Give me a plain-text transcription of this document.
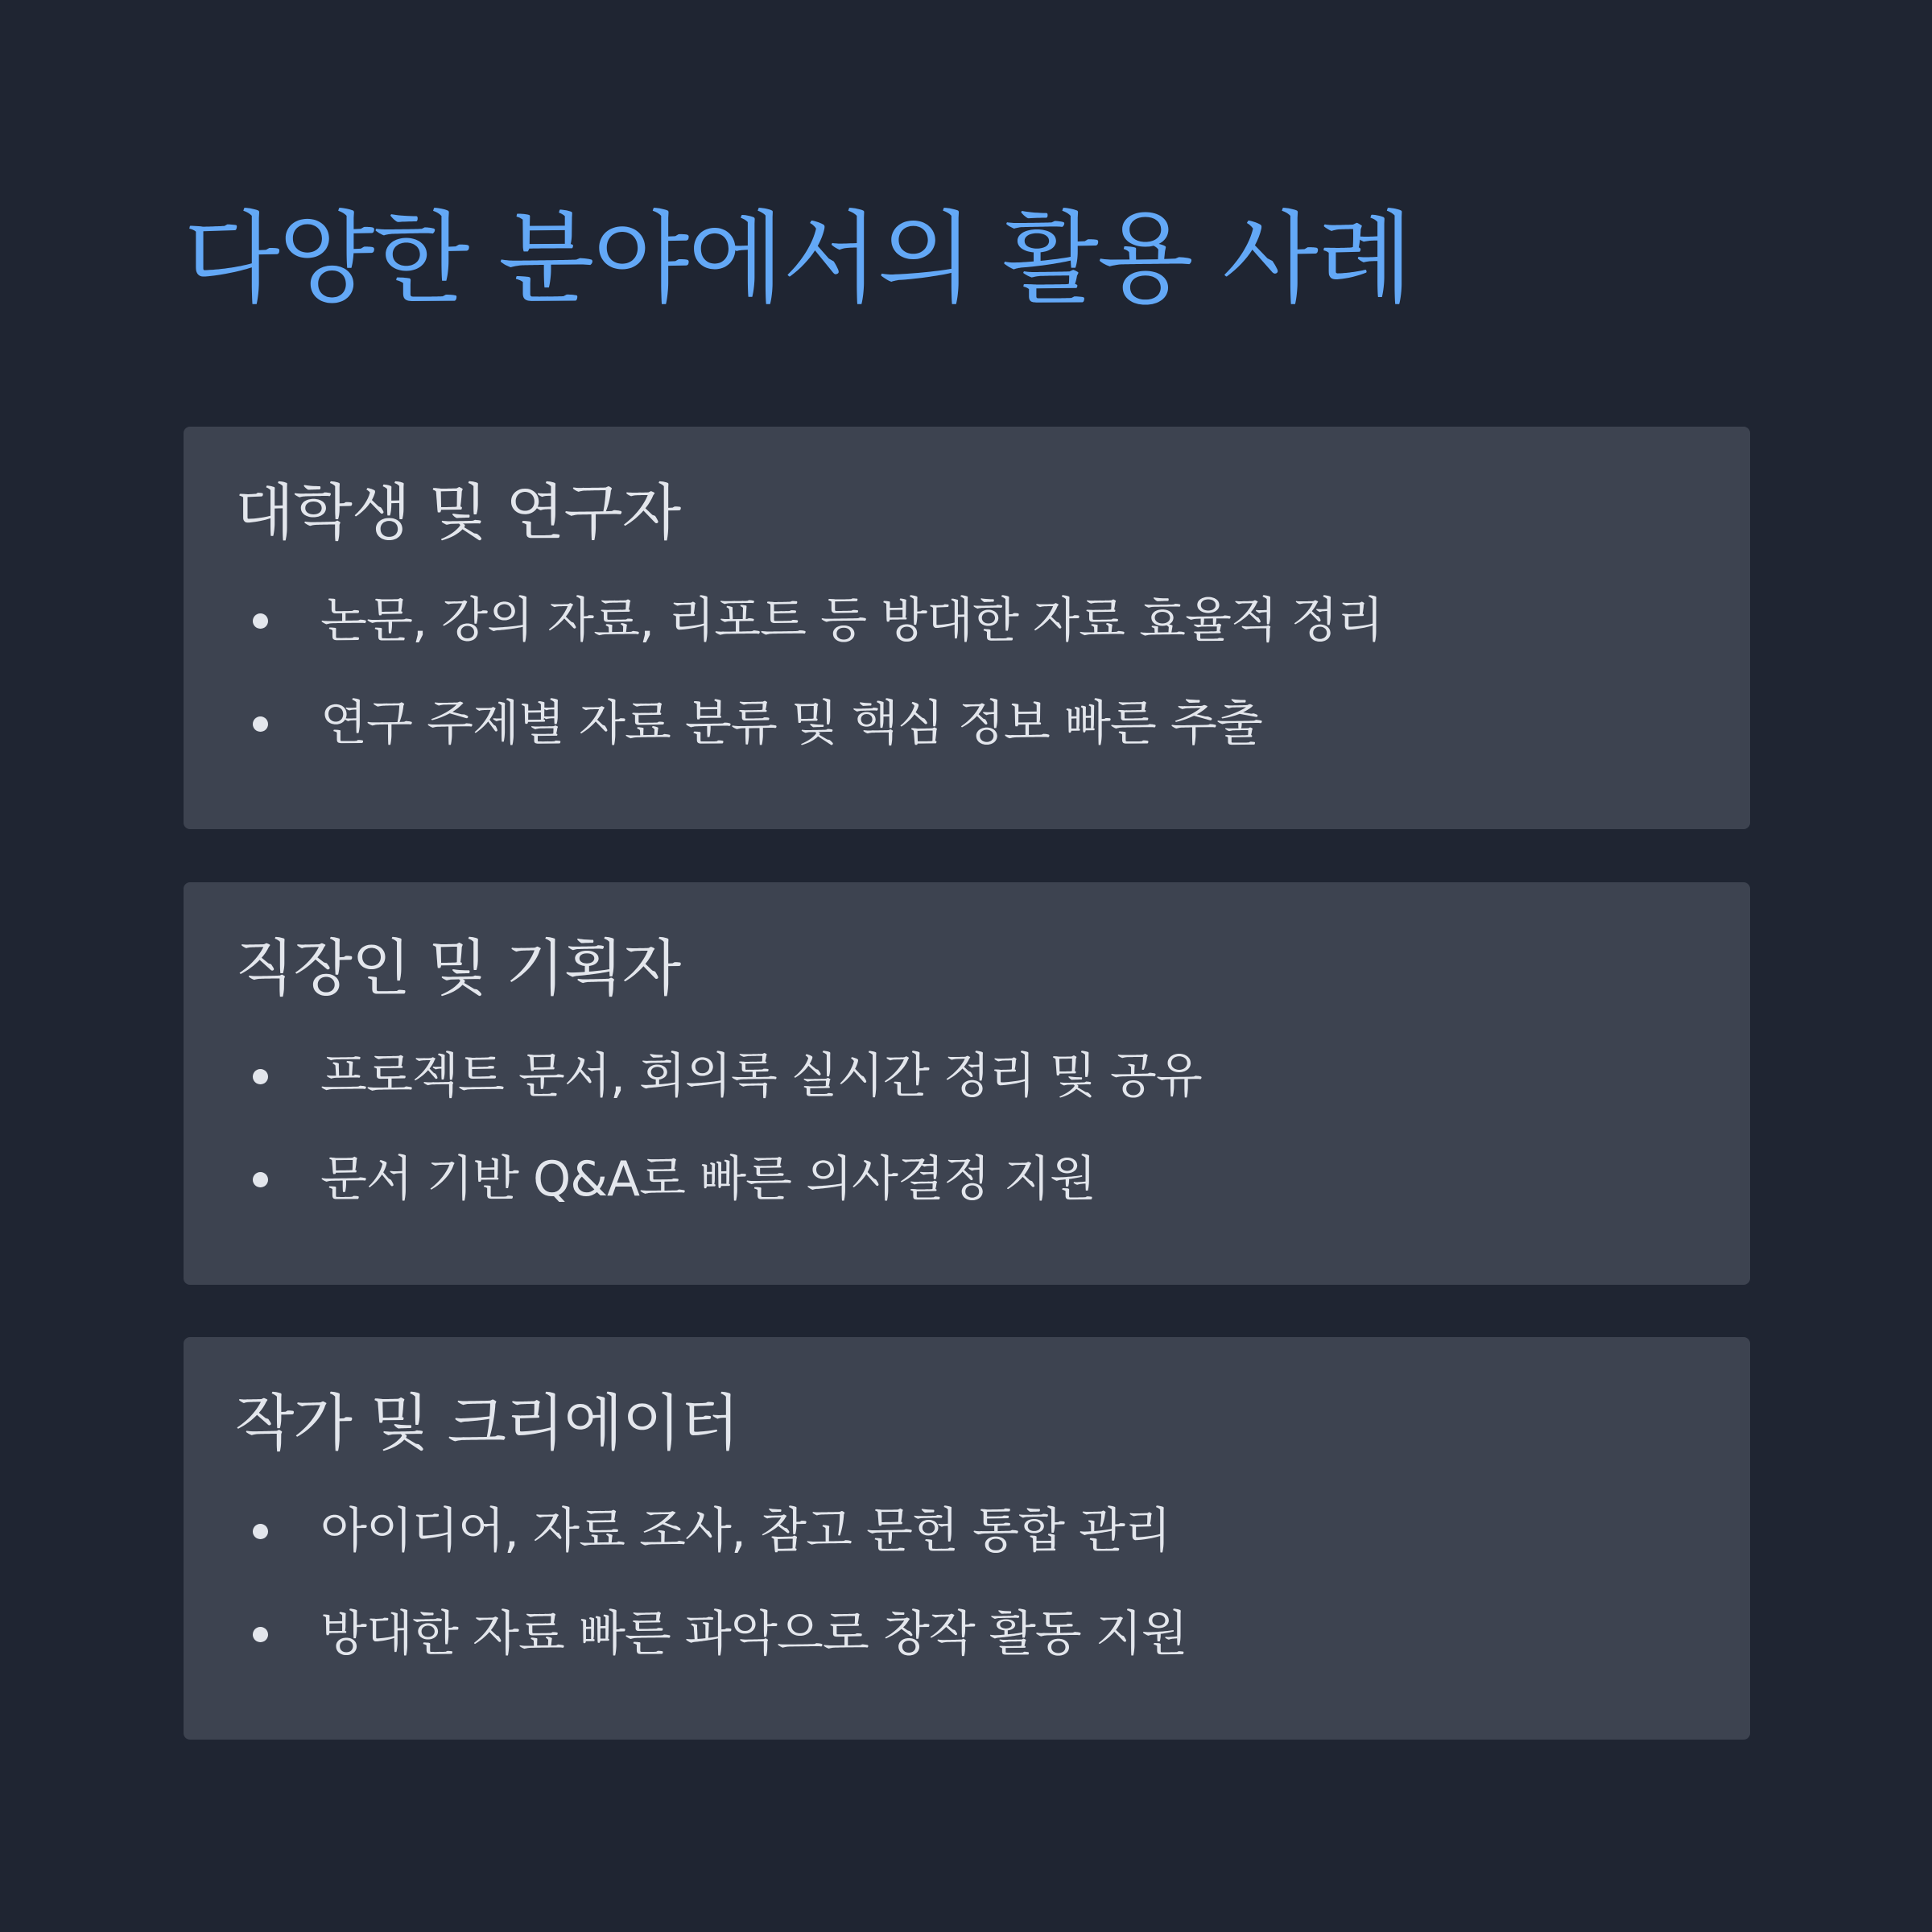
다양한 분야에서의 활용 사례
대학생 및 연구자
논문, 강의 자료, 리포트 등 방대한 자료 효율적 정리
연구 주제별 자료 분류 및 핵심 정보 빠른 추출
직장인 및 기획자
프로젝트 문서, 회의록 실시간 정리 및 공유
문서 기반 Q&A로 빠른 의사결정 지원
작가 및 크리에이터
아이디어, 자료 조사, 참고 문헌 통합 관리
방대한 자료 빠른 파악으로 창작 활동 지원
